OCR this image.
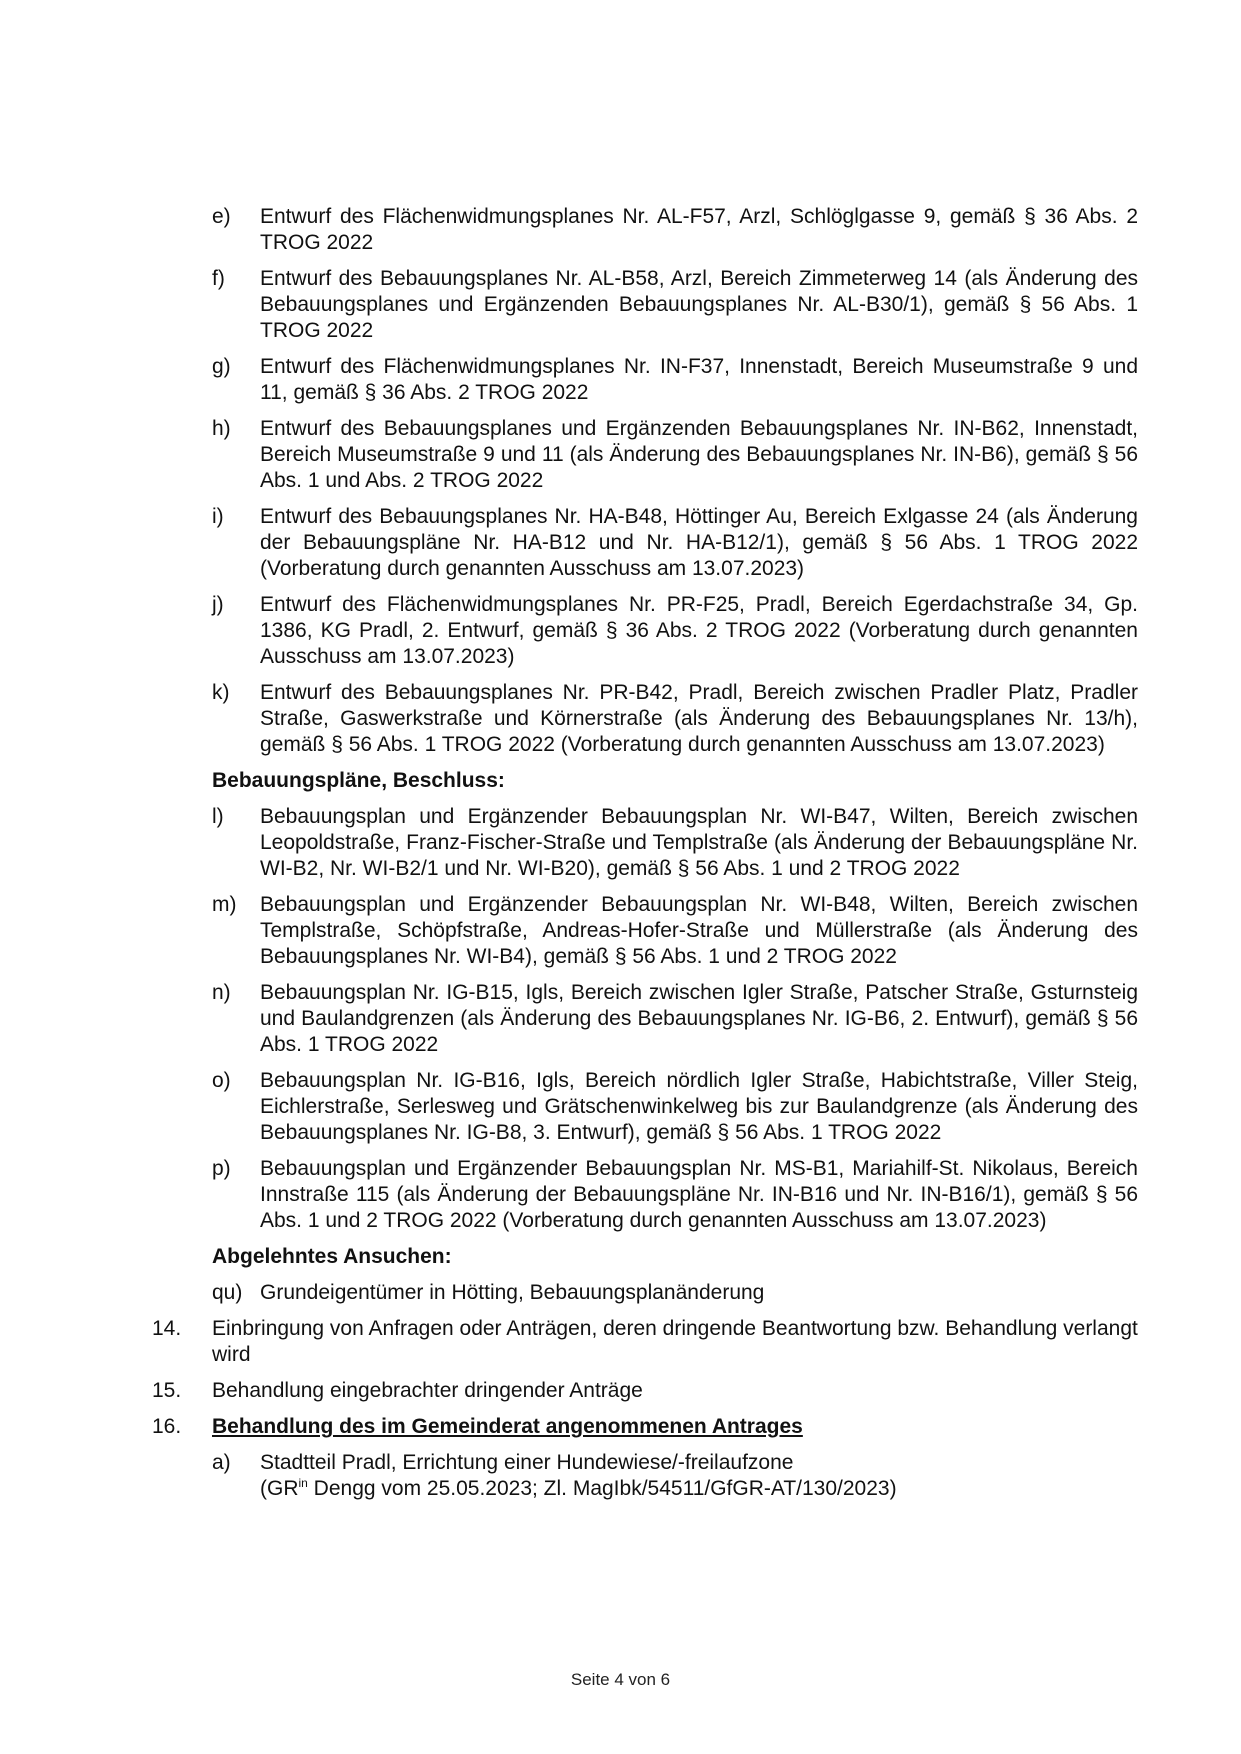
e)	Entwurf des Flächenwidmungsplanes Nr. AL-F57, Arzl, Schlöglgasse 9, gemäß § 36 Abs. 2 TROG 2022
f)	Entwurf des Bebauungsplanes Nr. AL-B58, Arzl, Bereich Zimmeterweg 14 (als Änderung des Bebauungsplanes und Ergänzenden Bebauungsplanes Nr. AL-B30/1), gemäß § 56 Abs. 1 TROG 2022
g)	Entwurf des Flächenwidmungsplanes Nr. IN-F37, Innenstadt, Bereich Museumstraße 9 und 11, gemäß § 36 Abs. 2 TROG 2022
h)	Entwurf des Bebauungsplanes und Ergänzenden Bebauungsplanes Nr. IN-B62, Innenstadt, Bereich Museumstraße 9 und 11 (als Änderung des Bebauungsplanes Nr. IN-B6), gemäß § 56 Abs. 1 und Abs. 2 TROG 2022
i)	Entwurf des Bebauungsplanes Nr. HA-B48, Höttinger Au, Bereich Exlgasse 24 (als Änderung der Bebauungspläne Nr. HA-B12 und Nr. HA-B12/1), gemäß § 56 Abs. 1 TROG 2022 (Vorberatung durch genannten Ausschuss am 13.07.2023)
j)	Entwurf des Flächenwidmungsplanes Nr. PR-F25, Pradl, Bereich Egerdachstraße 34, Gp. 1386, KG Pradl, 2. Entwurf, gemäß § 36 Abs. 2 TROG 2022 (Vorberatung durch genannten Ausschuss am 13.07.2023)
k)	Entwurf des Bebauungsplanes Nr. PR-B42, Pradl, Bereich zwischen Pradler Platz, Pradler Straße, Gaswerkstraße und Körnerstraße (als Änderung des Bebauungsplanes Nr. 13/h), gemäß § 56 Abs. 1 TROG 2022 (Vorberatung durch genannten Ausschuss am 13.07.2023)
Bebauungspläne, Beschluss:
l)	Bebauungsplan und Ergänzender Bebauungsplan Nr. WI-B47, Wilten, Bereich zwischen Leopoldstraße, Franz-Fischer-Straße und Templstraße (als Änderung der Bebauungspläne Nr. WI-B2, Nr. WI-B2/1 und Nr. WI-B20), gemäß § 56 Abs. 1 und 2 TROG 2022
m)	Bebauungsplan und Ergänzender Bebauungsplan Nr. WI-B48, Wilten, Bereich zwischen Templstraße, Schöpfstraße, Andreas-Hofer-Straße und Müllerstraße (als Änderung des Bebauungsplanes Nr. WI-B4), gemäß § 56 Abs. 1 und 2 TROG 2022
n)	Bebauungsplan Nr. IG-B15, Igls, Bereich zwischen Igler Straße, Patscher Straße, Gsturnsteig und Baulandgrenzen (als Änderung des Bebauungsplanes Nr. IG-B6, 2. Entwurf), gemäß § 56 Abs. 1 TROG 2022
o)	Bebauungsplan Nr. IG-B16, Igls, Bereich nördlich Igler Straße, Habichtstraße, Viller Steig, Eichlerstraße, Serlesweg und Grätschenwinkelweg bis zur Baulandgrenze (als Änderung des Bebauungsplanes Nr. IG-B8, 3. Entwurf), gemäß § 56 Abs. 1 TROG 2022
p)	Bebauungsplan und Ergänzender Bebauungsplan Nr. MS-B1, Mariahilf-St. Nikolaus, Bereich Innstraße 115 (als Änderung der Bebauungspläne Nr. IN-B16 und Nr. IN-B16/1), gemäß § 56 Abs. 1 und 2 TROG 2022 (Vorberatung durch genannten Ausschuss am 13.07.2023)
Abgelehntes Ansuchen:
qu) Grundeigentümer in Hötting, Bebauungsplanänderung
14.	Einbringung von Anfragen oder Anträgen, deren dringende Beantwortung bzw. Behandlung verlangt wird
15.	Behandlung eingebrachter dringender Anträge
16.	Behandlung des im Gemeinderat angenommenen Antrages
a)	Stadtteil Pradl, Errichtung einer Hundewiese/-freilaufzone
($GR^{in}$ Dengg vom 25.05.2023; Zl. MagIbk/54511/GfGR-AT/130/2023)
Seite 4 von 6
